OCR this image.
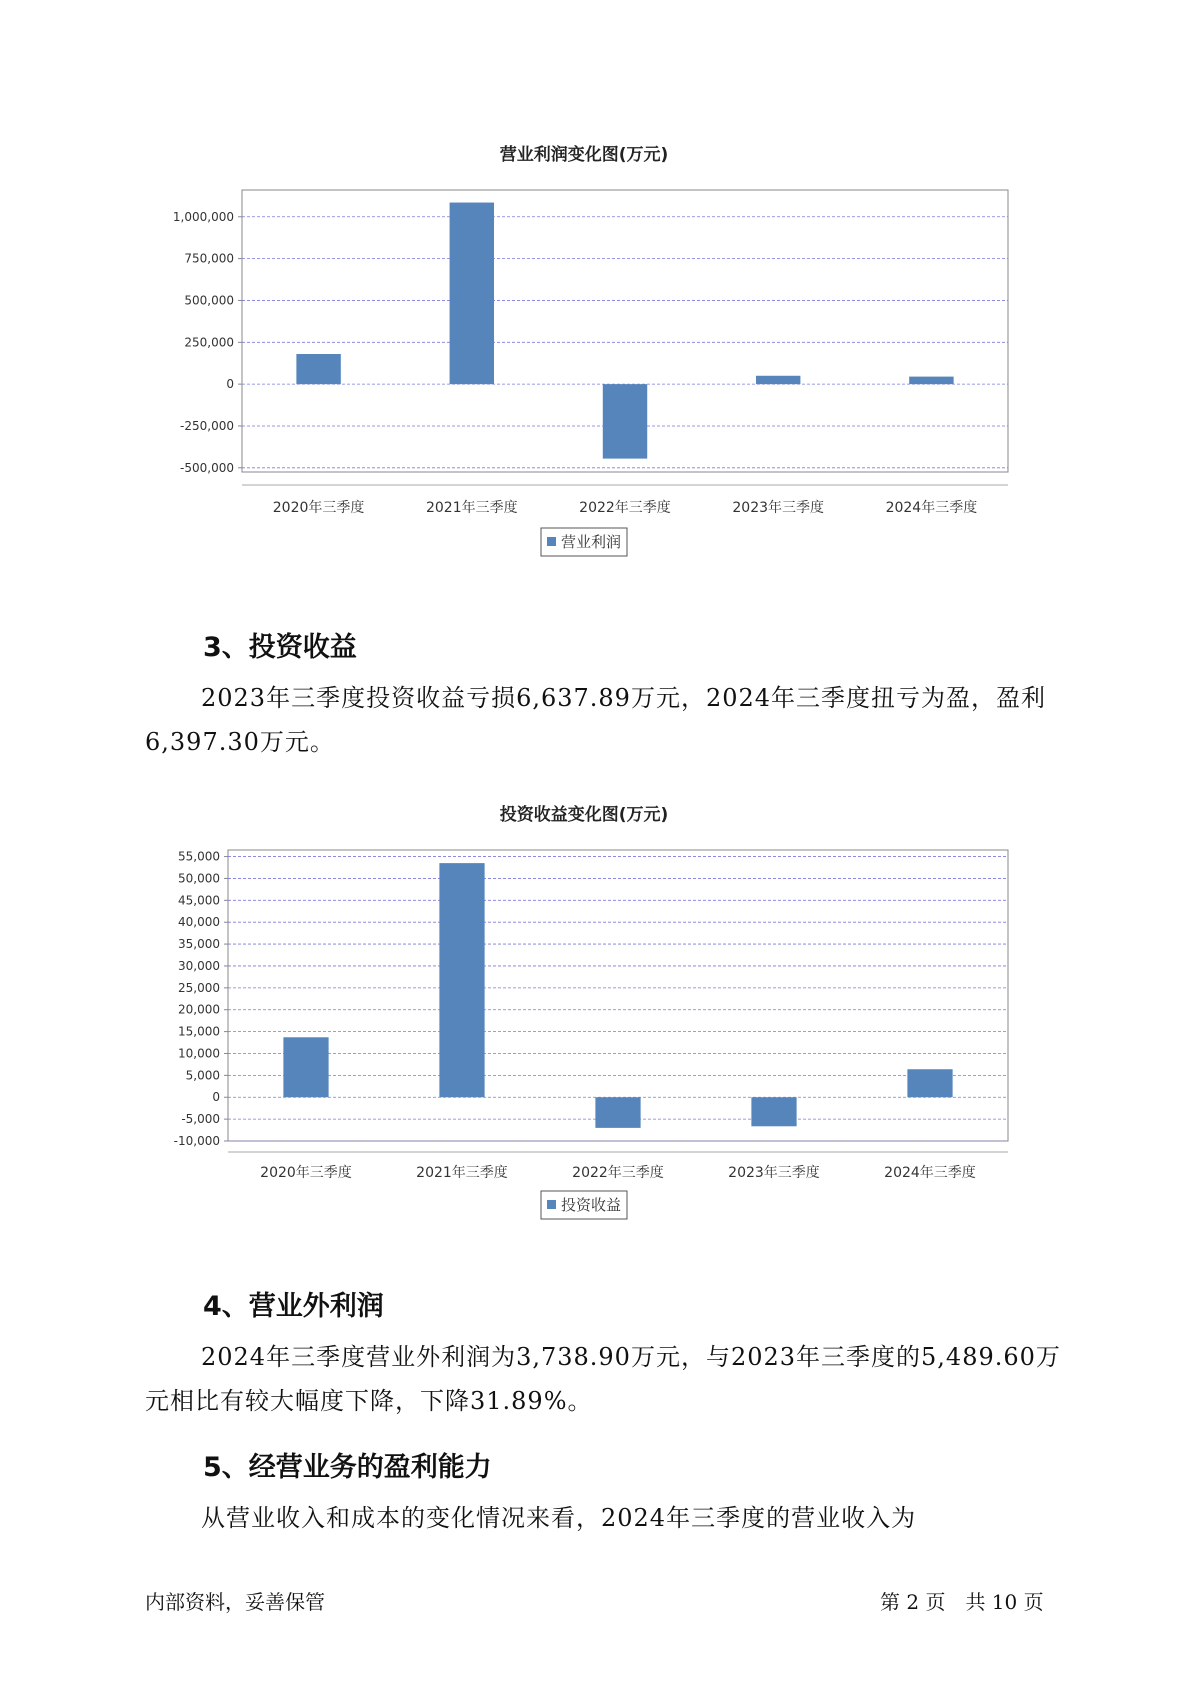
营业利润变化图(万元)
1,000,000
750,000
500,000
250,000
0
-250,000
-500,000
2020年三季度	2021年三季度	2022年三季度	2023年三季度	2024年三季度
营业利润
3、投资收益

2023年三季度投资收益亏损6,637.89万元，2024年三季度扭亏为盈，盈利6,397.30万元。

投资收益变化图(万元)
55,000
50,000
45,000
40,000
35,000
30,000
25,000
20,000
15,000
10,000
5,000
0
-5,000
-10,000
2020年三季度	2021年三季度	2022年三季度	2023年三季度	2024年三季度
投资收益
4、营业外利润

2024年三季度营业外利润为3,738.90万元，与2023年三季度的5,489.60万元相比有较大幅度下降，下降31.89%。

5、经营业务的盈利能力

从营业收入和成本的变化情况来看，2024年三季度的营业收入为

内部资料，妥善保管	第 2 页　共 10 页
